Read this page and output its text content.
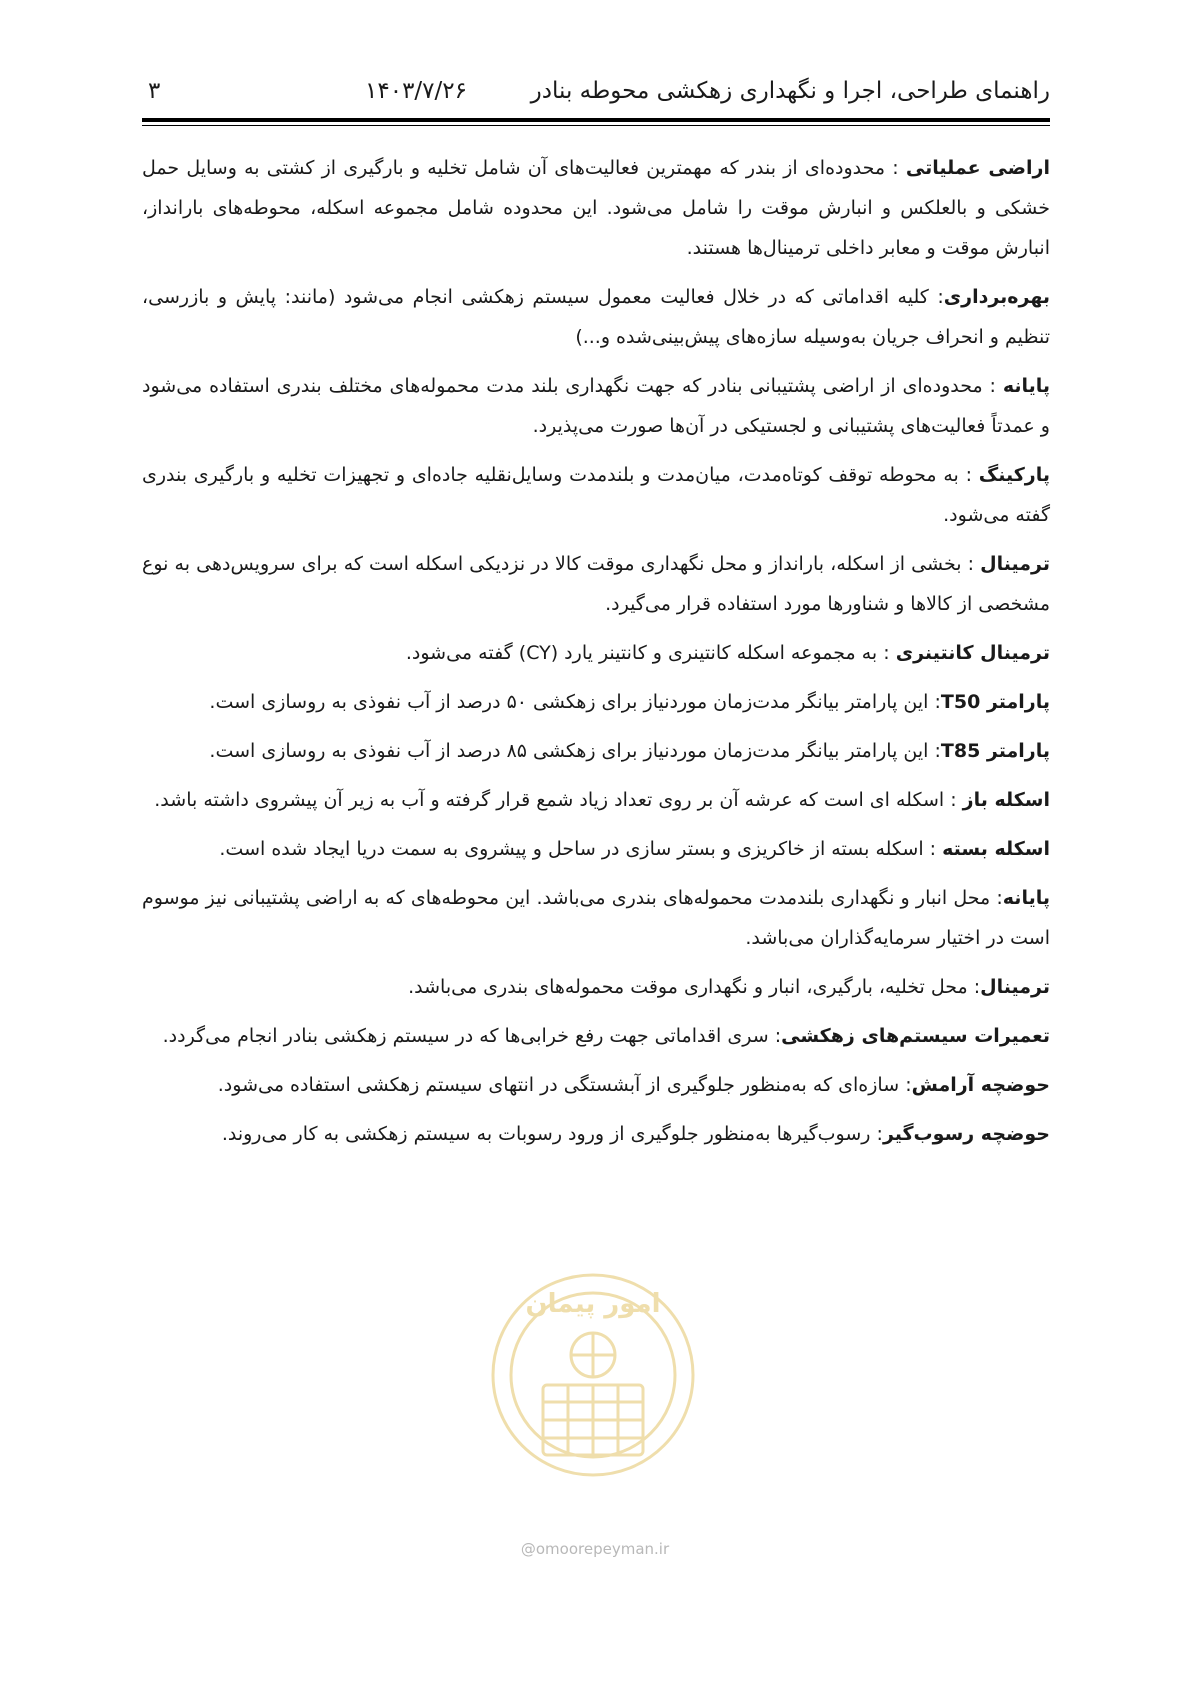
راهنمای طراحی، اجرا و نگهداری زهکشی محوطه بنادر
۱۴۰۳/۷/۲۶
۳

اراضی عملیاتی : محدوده‌ای از بندر که مهمترین فعالیت‌های آن شامل تخلیه و بارگیری از کشتی به وسایل حمل خشکی و بالعلکس و انبارش موقت را شامل می‌شود. این محدوده شامل مجموعه اسکله، محوطه‌های بارانداز، انبارش موقت و معابر داخلی ترمینال‌ها هستند.

بهره‌برداری: کلیه اقداماتی که در خلال فعالیت معمول سیستم زهکشی انجام می‌شود (مانند: پایش و بازرسی، تنظیم و انحراف جریان به‌وسیله سازه‌های پیش‌بینی‌شده و...)

پایانه : محدوده‌ای از اراضی پشتیبانی بنادر که جهت نگهداری بلند مدت محموله‌های مختلف بندری استفاده می‌شود و عمدتاً فعالیت‌های پشتیبانی و لجستیکی در آن‌ها صورت می‌پذیرد.

پارکینگ : به محوطه توقف کوتاه‌مدت، میان‌مدت و بلندمدت وسایل‌نقلیه جاده‌ای و تجهیزات تخلیه و بارگیری بندری گفته می‌شود.

ترمینال : بخشی از اسکله، بارانداز و محل نگهداری موقت کالا در نزدیکی اسکله است که برای سرویس‌دهی به نوع مشخصی از کالاها و شناورها مورد استفاده قرار می‌گیرد.

ترمینال کانتینری : به مجموعه اسکله کانتینری و کانتینر یارد (CY) گفته می‌شود.

پارامتر T50: این پارامتر بیانگر مدت‌زمان موردنیاز برای زهکشی ۵۰ درصد از آب نفوذی به روسازی است.

پارامتر T85: این پارامتر بیانگر مدت‌زمان موردنیاز برای زهکشی ۸۵ درصد از آب نفوذی به روسازی است.

اسکله باز : اسکله ای است که عرشه آن بر روی تعداد زیاد شمع قرار گرفته و آب به زیر آن پیشروی داشته باشد.

اسکله بسته : اسکله بسته از خاکریزی و بستر سازی در ساحل و پیشروی به سمت دریا ایجاد شده است.

پایانه: محل انبار و نگهداری بلندمدت محموله‌های بندری می‌باشد. این محوطه‌های که به اراضی پشتیبانی نیز موسوم است در اختیار سرمایه‌گذاران می‌باشد.

ترمینال: محل تخلیه، بارگیری، انبار و نگهداری موقت محموله‌های بندری می‌باشد.

تعمیرات سیستم‌های زهکشی: سری اقداماتی جهت رفع خرابی‌ها که در سیستم زهکشی بنادر انجام می‌گردد.

حوضچه آرامش: سازه‌ای که به‌منظور جلوگیری از آبشستگی در انتهای سیستم زهکشی استفاده می‌شود.

حوضچه رسوب‌گیر: رسوب‌گیرها به‌منظور جلوگیری از ورود رسوبات به سیستم زهکشی به کار می‌روند.

امور پیمان
@omoorepeyman.ir
